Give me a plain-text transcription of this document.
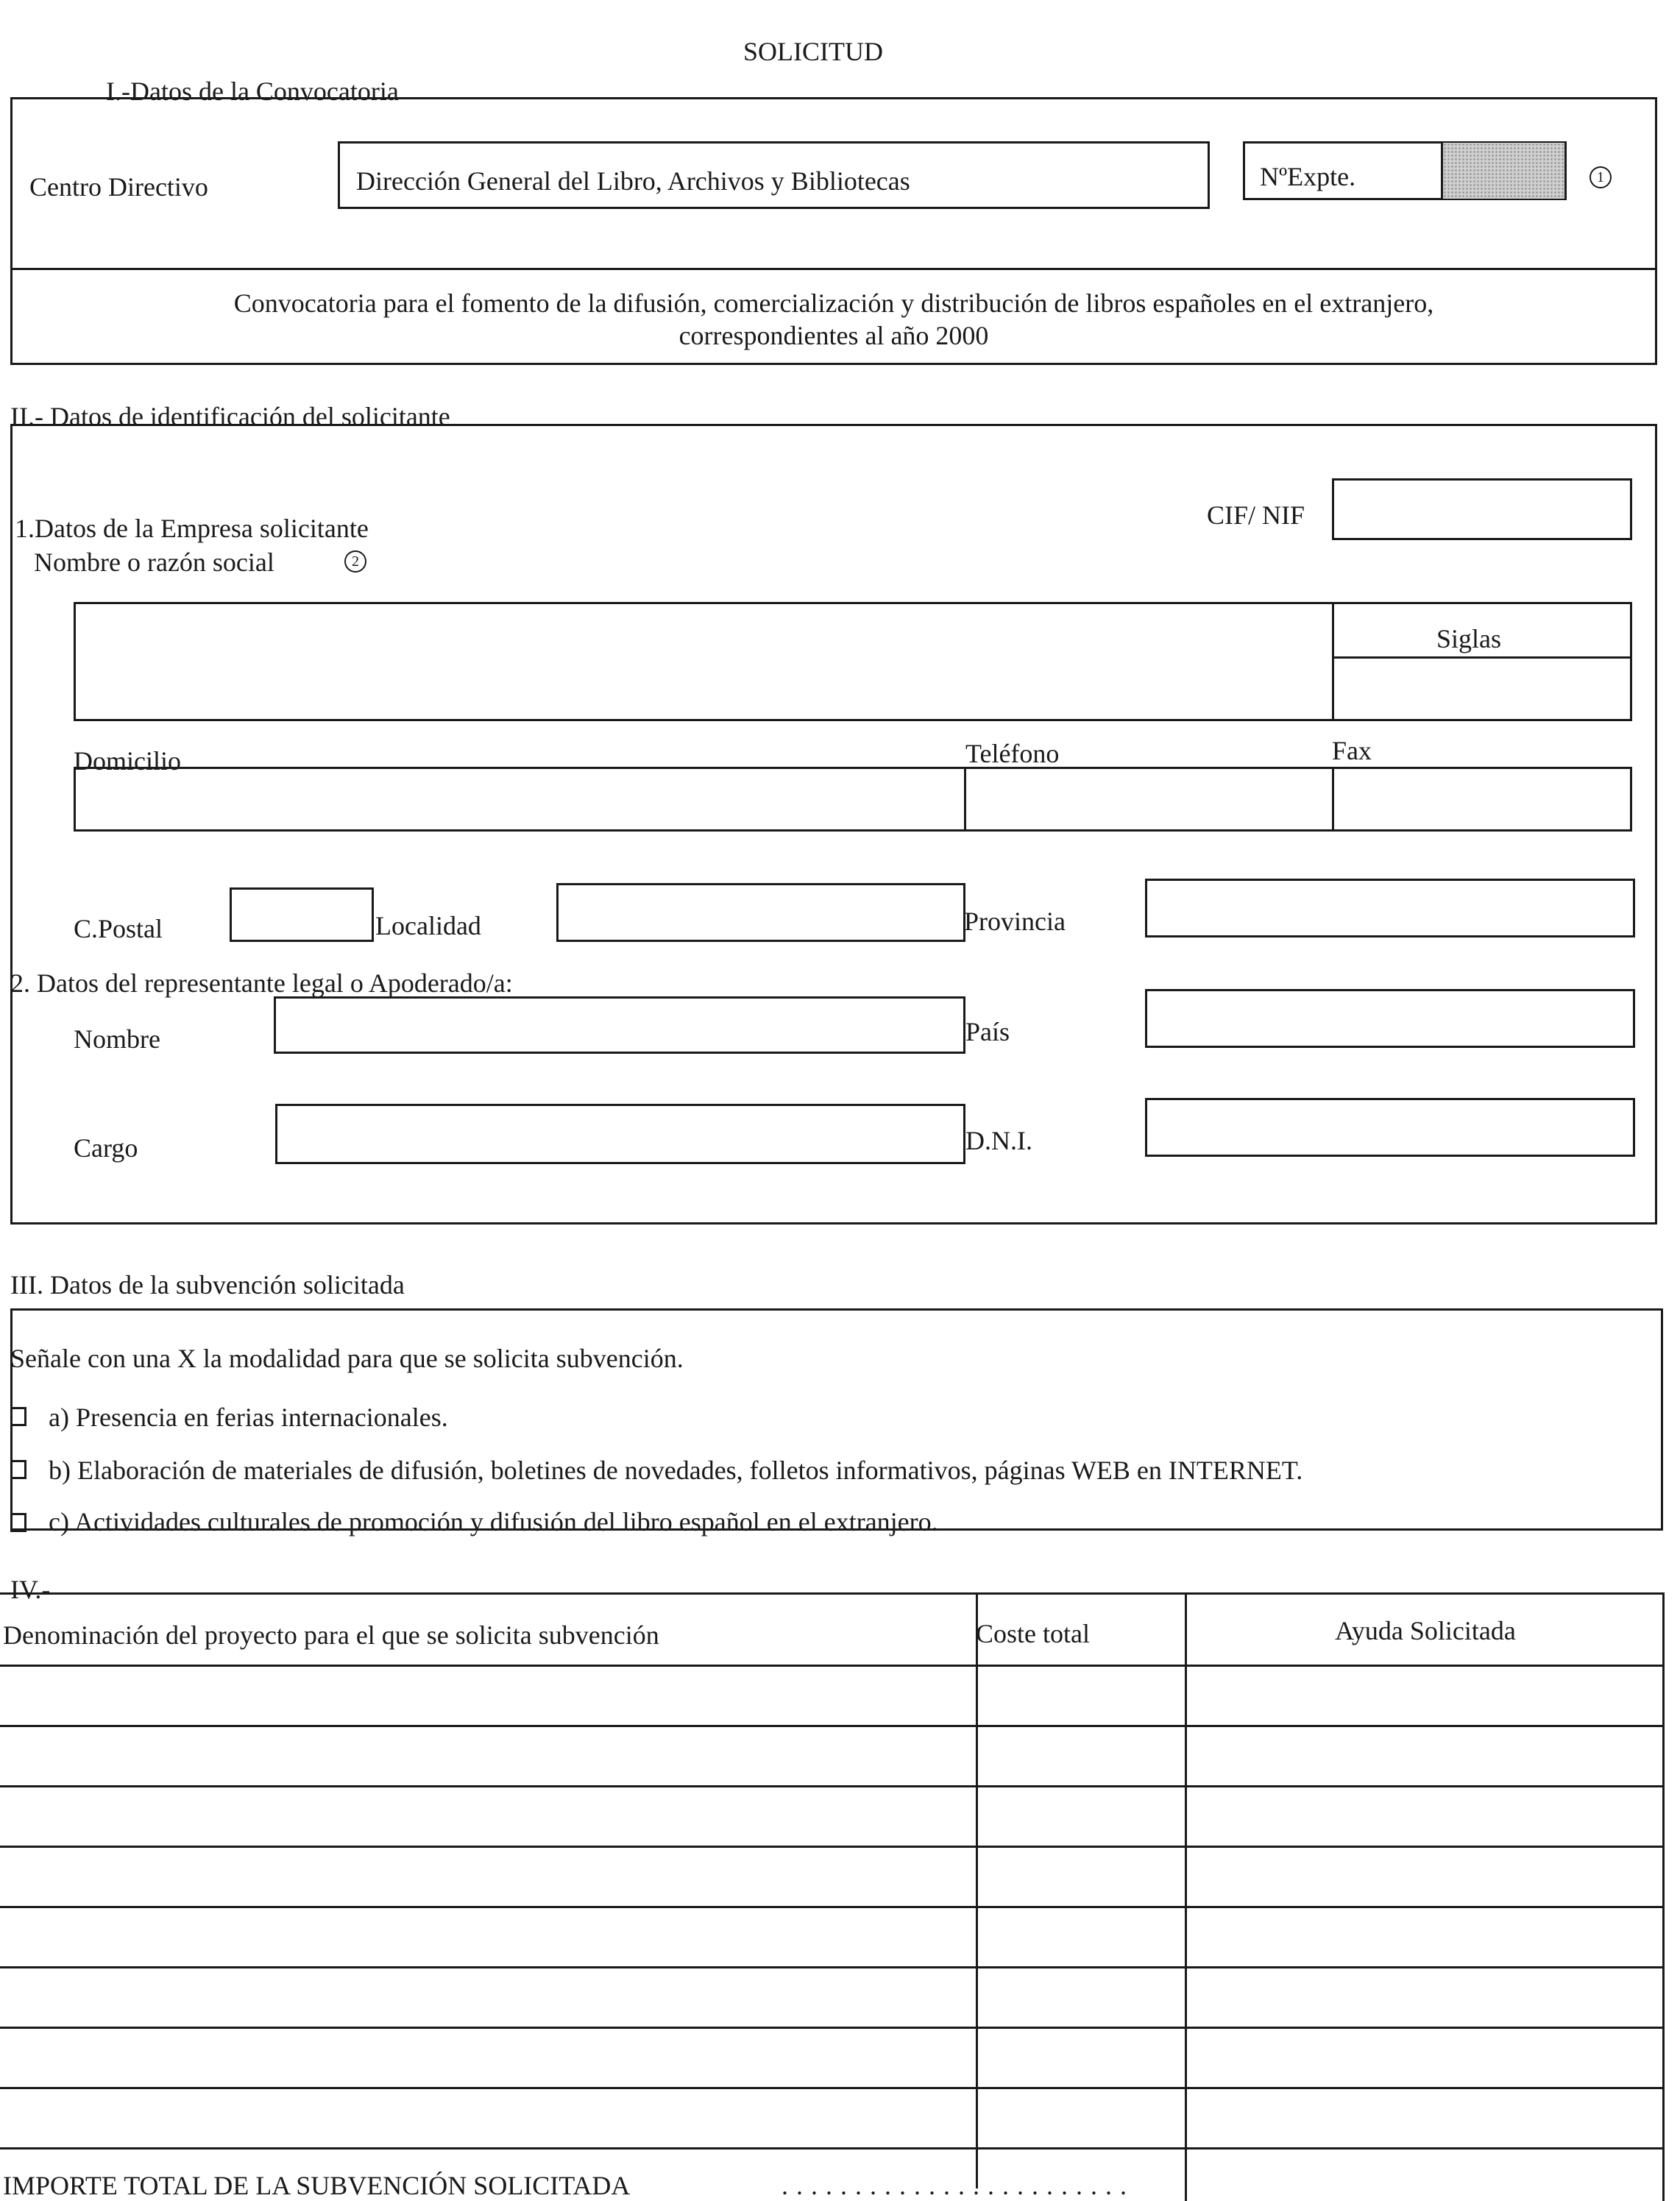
SOLICITUD
I.-Datos de la Convocatoria
Centro Directivo	Dirección General del Libro, Archivos y Bibliotecas	NºExpte.	1
Convocatoria para el fomento de la difusión, comercialización y distribución de libros españoles en el extranjero,
correspondientes al año 2000
II.- Datos de identificación del solicitante
1.Datos de la Empresa solicitante
Nombre o razón social	2
CIF/ NIF
Siglas
Domicilio	Teléfono	Fax
C.Postal	Localidad	Provincia
2. Datos del representante legal o Apoderado/a:
Nombre	País
Cargo	D.N.I.
III. Datos de la subvención solicitada
Señale con una X la modalidad para que se solicita subvención.
a) Presencia en ferias internacionales.
b) Elaboración de materiales de difusión, boletines de novedades, folletos informativos, páginas WEB en INTERNET.
c) Actividades culturales de promoción y difusión del libro español en el extranjero.
IV.-
Denominación del proyecto para el que se solicita subvención	Coste total	Ayuda Solicitada
IMPORTE TOTAL DE LA SUBVENCIÓN SOLICITADA	. . . . . . . . . . . . . . . . . . . . . . . .
